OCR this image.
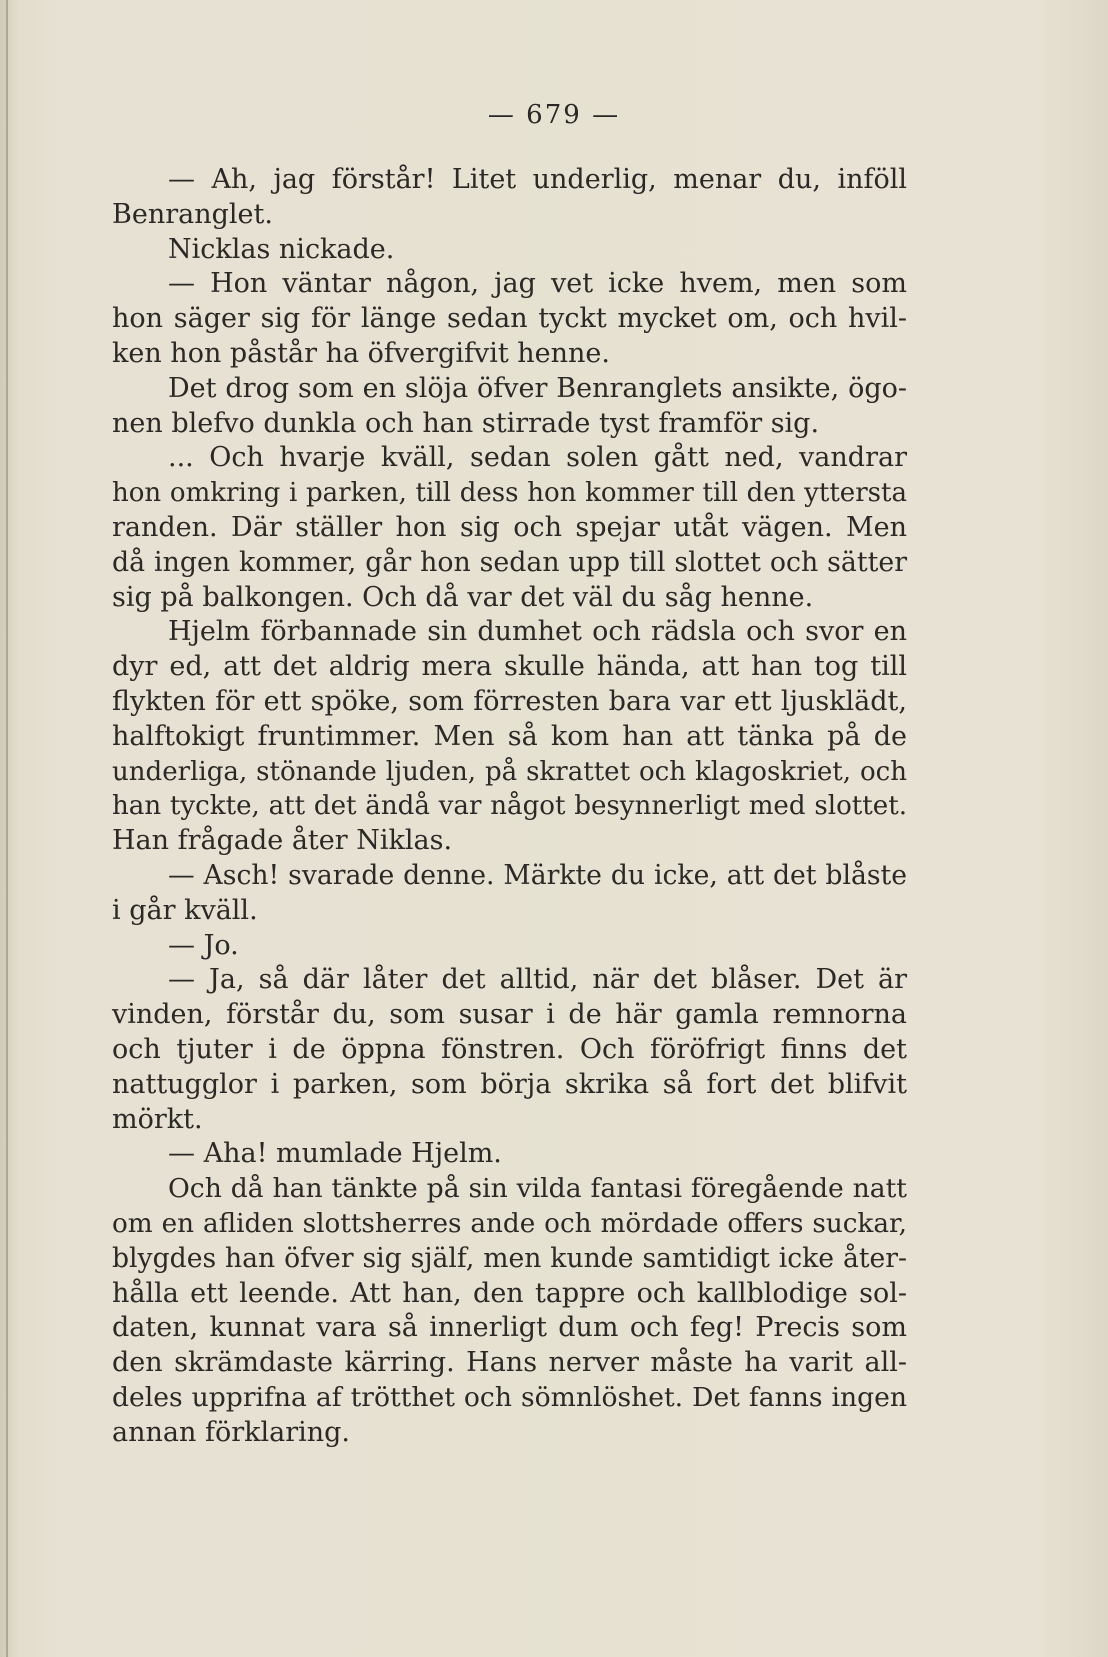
— 679 —
— Ah, jag förstår! Litet underlig, menar du, inföll
Benranglet.
Nicklas nickade.
— Hon väntar någon, jag vet icke hvem, men som
hon säger sig för länge sedan tyckt mycket om, och hvil-
ken hon påstår ha öfvergifvit henne.
Det drog som en slöja öfver Benranglets ansikte, ögo-
nen blefvo dunkla och han stirrade tyst framför sig.
... Och hvarje kväll, sedan solen gått ned, vandrar
hon omkring i parken, till dess hon kommer till den yttersta
randen. Där ställer hon sig och spejar utåt vägen. Men
då ingen kommer, går hon sedan upp till slottet och sätter
sig på balkongen. Och då var det väl du såg henne.
Hjelm förbannade sin dumhet och rädsla och svor en
dyr ed, att det aldrig mera skulle hända, att han tog till
flykten för ett spöke, som förresten bara var ett ljusklädt,
halftokigt fruntimmer. Men så kom han att tänka på de
underliga, stönande ljuden, på skrattet och klagoskriet, och
han tyckte, att det ändå var något besynnerligt med slottet.
Han frågade åter Niklas.
— Asch! svarade denne. Märkte du icke, att det blåste
i går kväll.
— Jo.
— Ja, så där låter det alltid, när det blåser. Det är
vinden, förstår du, som susar i de här gamla remnorna
och tjuter i de öppna fönstren. Och föröfrigt finns det
nattugglor i parken, som börja skrika så fort det blifvit
mörkt.
— Aha! mumlade Hjelm.
Och då han tänkte på sin vilda fantasi föregående natt
om en afliden slottsherres ande och mördade offers suckar,
blygdes han öfver sig själf, men kunde samtidigt icke åter-
hålla ett leende. Att han, den tappre och kallblodige sol-
daten, kunnat vara så innerligt dum och feg! Precis som
den skrämdaste kärring. Hans nerver måste ha varit all-
deles upprifna af trötthet och sömnlöshet. Det fanns ingen
annan förklaring.
